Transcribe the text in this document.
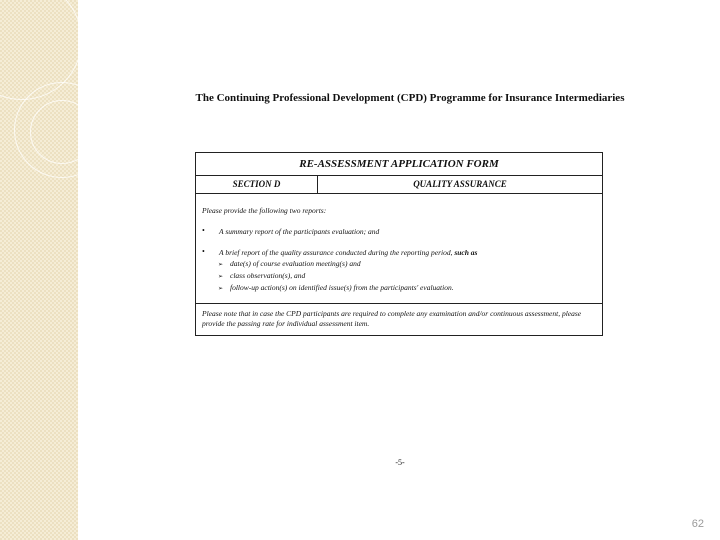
The Continuing Professional Development (CPD) Programme for Insurance Intermediaries
RE-ASSESSMENT APPLICATION FORM
SECTION D	QUALITY ASSURANCE
Please provide the following two reports:
• A summary report of the participants evaluation; and
• A brief report of the quality assurance conducted during the reporting period, such as
➢ date(s) of course evaluation meeting(s) and
➢ class observation(s), and
➢ follow-up action(s) on identified issue(s) from the participants' evaluation.
Please note that in case the CPD participants are required to complete any examination and/or continuous assessment, please provide the passing rate for individual assessment item.
-5-
62
